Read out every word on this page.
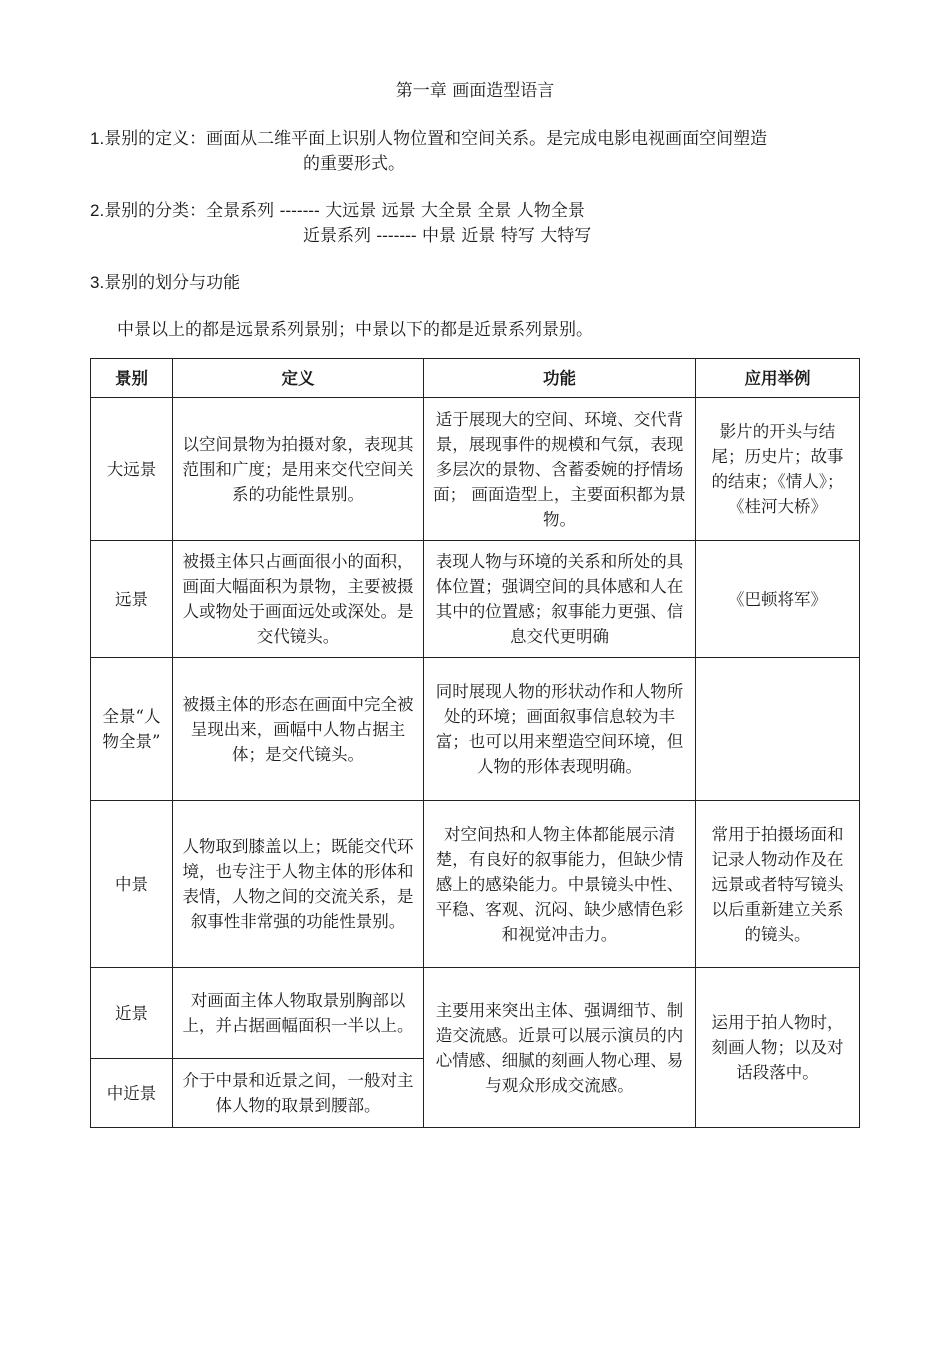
第一章 画面造型语言
1.景别的定义：画面从二维平面上识别人物位置和空间关系。是完成电影电视画面空间塑造
的重要形式。
2.景别的分类：全景系列 ------- 大远景 远景 大全景 全景 人物全景
近景系列 ------- 中景 近景 特写 大特写
3.景别的划分与功能
中景以上的都是远景系列景别；中景以下的都是近景系列景别。
景别	定义	功能	应用举例
大远景	以空间景物为拍摄对象，表现其范围和广度；是用来交代空间关系的功能性景别。	适于展现大的空间、环境、交代背景，展现事件的规模和气氛，表现多层次的景物、含蓄委婉的抒情场面； 画面造型上，主要面积都为景物。	影片的开头与结尾；历史片；故事的结束；《情人》；《桂河大桥》
远景	被摄主体只占画面很小的面积，画面大幅面积为景物，主要被摄人或物处于画面远处或深处。是交代镜头。	表现人物与环境的关系和所处的具体位置；强调空间的具体感和人在其中的位置感；叙事能力更强、信息交代更明确	《巴顿将军》
全景“人物全景”	被摄主体的形态在画面中完全被呈现出来，画幅中人物占据主体；是交代镜头。	同时展现人物的形状动作和人物所处的环境；画面叙事信息较为丰富；也可以用来塑造空间环境，但人物的形体表现明确。	
中景	人物取到膝盖以上；既能交代环境，也专注于人物主体的形体和表情，人物之间的交流关系，是叙事性非常强的功能性景别。	对空间热和人物主体都能展示清楚，有良好的叙事能力，但缺少情感上的感染能力。中景镜头中性、平稳、客观、沉闷、缺少感情色彩和视觉冲击力。	常用于拍摄场面和记录人物动作及在远景或者特写镜头以后重新建立关系的镜头。
近景	对画面主体人物取景别胸部以上，并占据画幅面积一半以上。	主要用来突出主体、强调细节、制造交流感。近景可以展示演员的内心情感、细腻的刻画人物心理、易与观众形成交流感。	运用于拍人物时，刻画人物；以及对话段落中。
中近景	介于中景和近景之间，一般对主体人物的取景到腰部。		
